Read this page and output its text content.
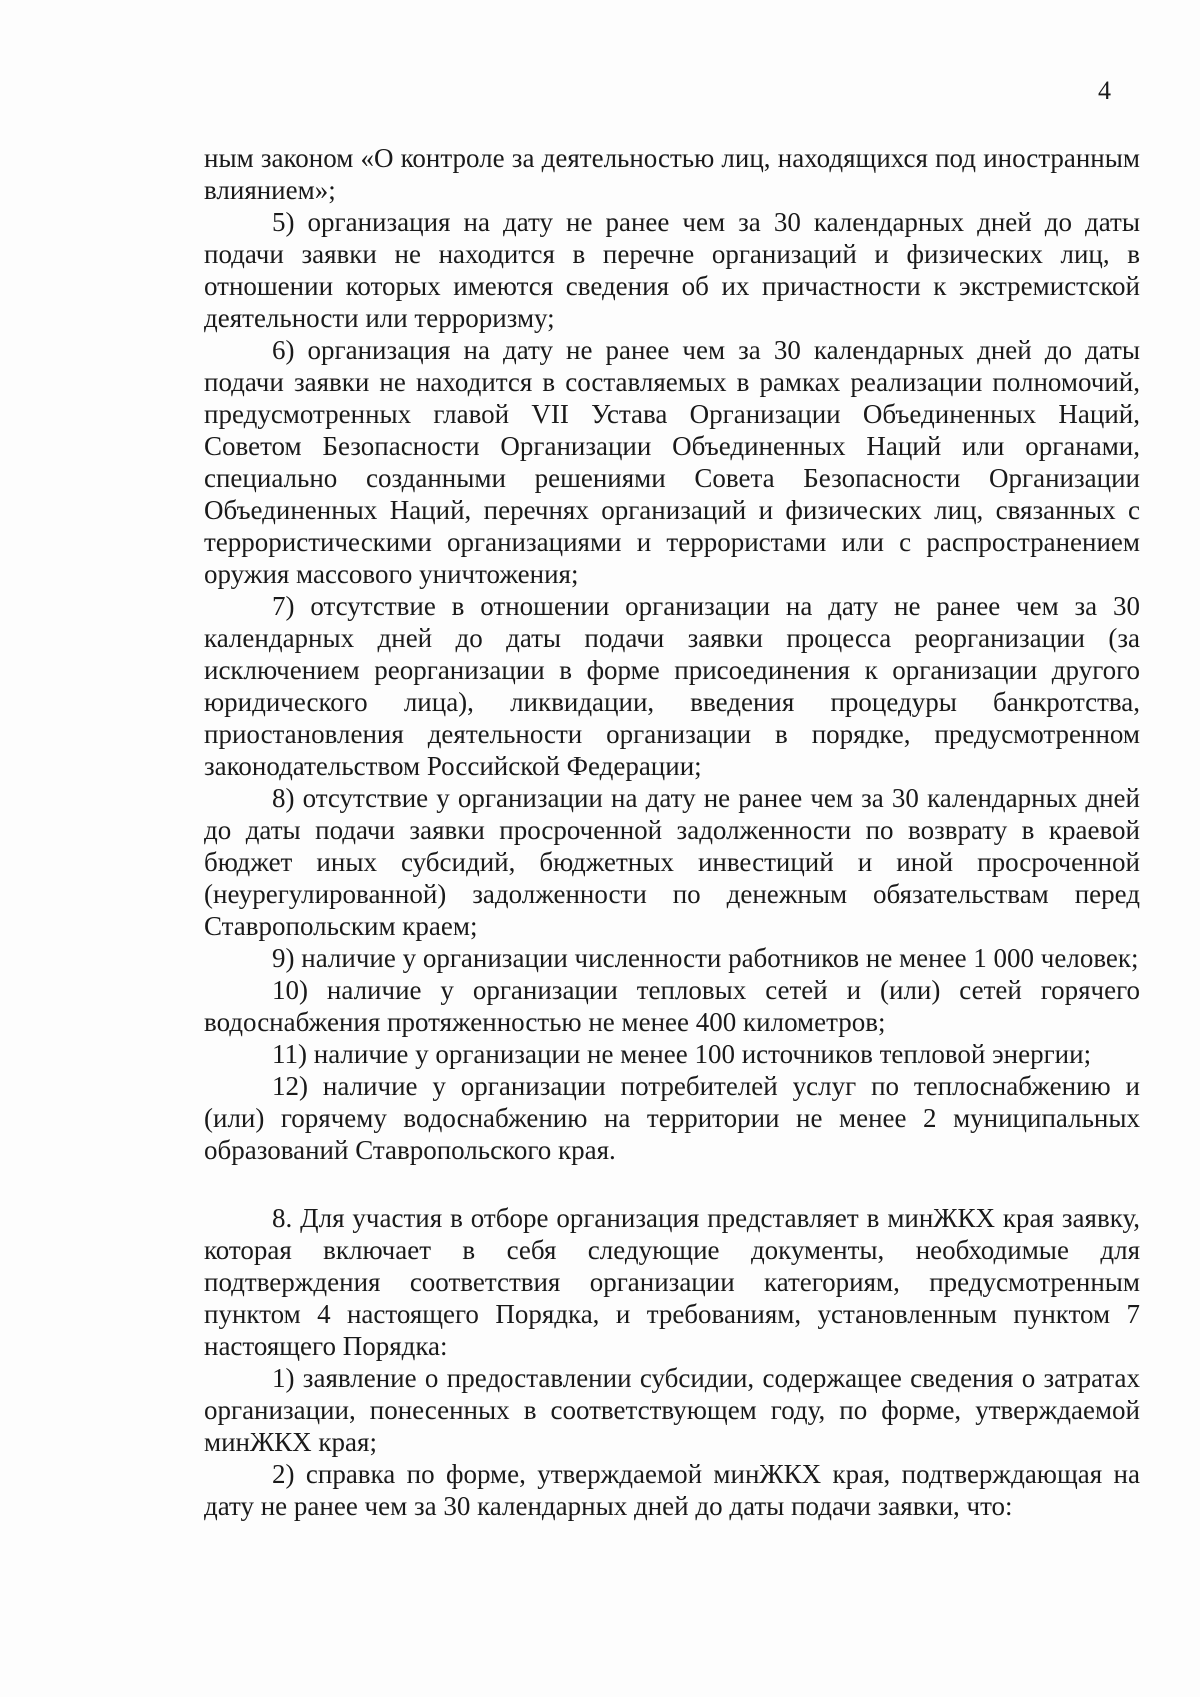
4

ным законом «О контроле за деятельностью лиц, находящихся под иностранным влиянием»;

5) организация на дату не ранее чем за 30 календарных дней до даты подачи заявки не находится в перечне организаций и физических лиц, в отношении которых имеются сведения об их причастности к экстремистской деятельности или терроризму;

6) организация на дату не ранее чем за 30 календарных дней до даты подачи заявки не находится в составляемых в рамках реализации полномочий, предусмотренных главой VII Устава Организации Объединенных Наций, Советом Безопасности Организации Объединенных Наций или органами, специально созданными решениями Совета Безопасности Организации Объединенных Наций, перечнях организаций и физических лиц, связанных с террористическими организациями и террористами или с распространением оружия массового уничтожения;

7) отсутствие в отношении организации на дату не ранее чем за 30 календарных дней до даты подачи заявки процесса реорганизации (за исключением реорганизации в форме присоединения к организации другого юридического лица), ликвидации, введения процедуры банкротства, приостановления деятельности организации в порядке, предусмотренном законодательством Российской Федерации;

8) отсутствие у организации на дату не ранее чем за 30 календарных дней до даты подачи заявки просроченной задолженности по возврату в краевой бюджет иных субсидий, бюджетных инвестиций и иной просроченной (неурегулированной) задолженности по денежным обязательствам перед Ставропольским краем;

9) наличие у организации численности работников не менее 1 000 человек;

10) наличие у организации тепловых сетей и (или) сетей горячего водоснабжения протяженностью не менее 400 километров;

11) наличие у организации не менее 100 источников тепловой энергии;

12) наличие у организации потребителей услуг по теплоснабжению и (или) горячему водоснабжению на территории не менее 2 муниципальных образований Ставропольского края.

8. Для участия в отборе организация представляет в минЖКХ края заявку, которая включает в себя следующие документы, необходимые для подтверждения соответствия организации категориям, предусмотренным пунктом 4 настоящего Порядка, и требованиям, установленным пунктом 7 настоящего Порядка:

1) заявление о предоставлении субсидии, содержащее сведения о затратах организации, понесенных в соответствующем году, по форме, утверждаемой минЖКХ края;

2) справка по форме, утверждаемой минЖКХ края, подтверждающая на дату не ранее чем за 30 календарных дней до даты подачи заявки, что:
